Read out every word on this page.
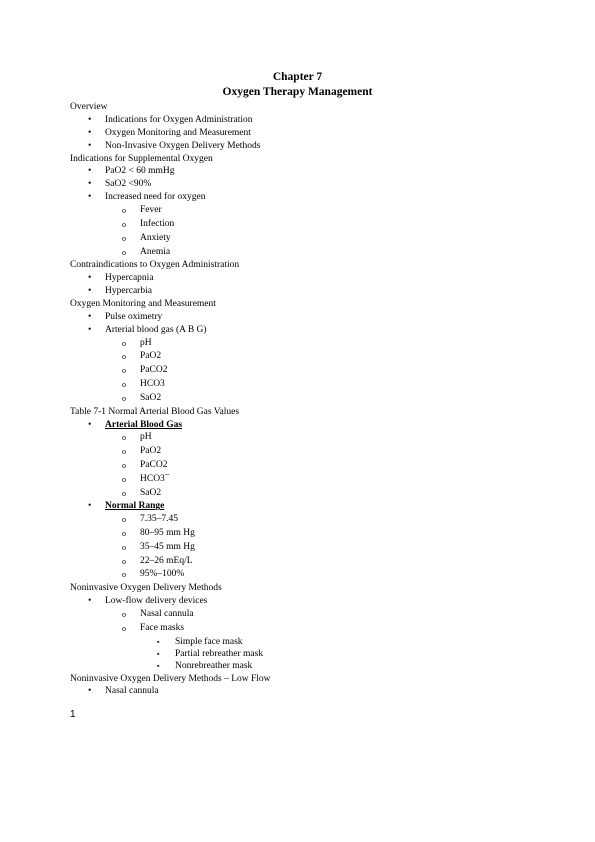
Chapter 7

Oxygen Therapy Management

Overview
• Indications for Oxygen Administration
• Oxygen Monitoring and Measurement
• Non-Invasive Oxygen Delivery Methods
Indications for Supplemental Oxygen
• PaO2 < 60 mmHg
• SaO2 <90%
• Increased need for oxygen
o Fever
o Infection
o Anxiety
o Anemia
Contraindications to Oxygen Administration
• Hypercapnia
• Hypercarbia
Oxygen Monitoring and Measurement
• Pulse oximetry
• Arterial blood gas (A B G)
o pH
o PaO2
o PaCO2
o HCO3
o SaO2
Table 7-1 Normal Arterial Blood Gas Values
• Arterial Blood Gas
o pH
o PaO2
o PaCO2
o HCO3¯
o SaO2
• Normal Range
o 7.35–7.45
o 80–95 mm Hg
o 35–45 mm Hg
o 22–26 mEq/L
o 95%–100%
Noninvasive Oxygen Delivery Methods
• Low-flow delivery devices
o Nasal cannula
o Face masks
▪ Simple face mask
▪ Partial rebreather mask
▪ Nonrebreather mask
Noninvasive Oxygen Delivery Methods – Low Flow
• Nasal cannula
1
